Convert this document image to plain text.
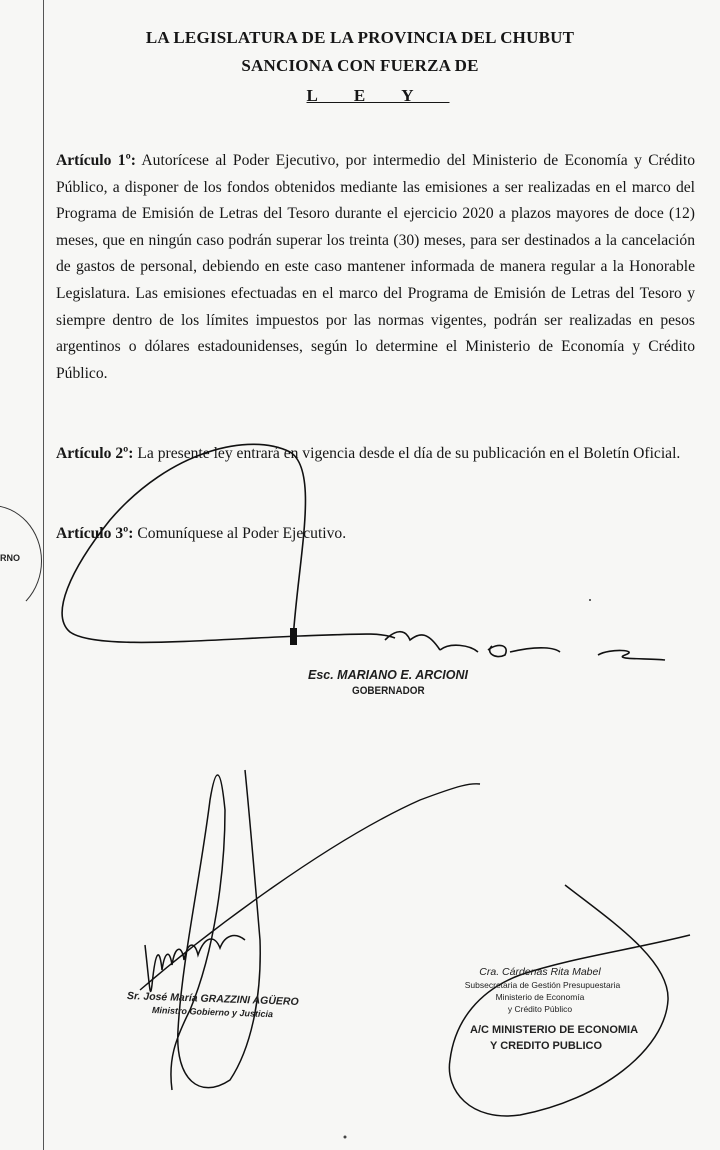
RNO
LA LEGISLATURA DE LA PROVINCIA DEL CHUBUT
SANCIONA CON FUERZA DE
LEY
Artículo 1º: Autorícese al Poder Ejecutivo, por intermedio del Ministerio de Economía y Crédito Público, a disponer de los fondos obtenidos mediante las emisiones a ser realizadas en el marco del Programa de Emisión de Letras del Tesoro durante el ejercicio 2020 a plazos mayores de doce (12) meses, que en ningún caso podrán superar los treinta (30) meses, para ser destinados a la cancelación de gastos de personal, debiendo en este caso mantener informada de manera regular a la Honorable Legislatura. Las emisiones efectuadas en el marco del Programa de Emisión de Letras del Tesoro y siempre dentro de los límites impuestos por las normas vigentes, podrán ser realizadas en pesos argentinos o dólares estadounidenses, según lo determine el Ministerio de Economía y Crédito Público.
Artículo 2º: La presente ley entrará en vigencia desde el día de su publicación en el Boletín Oficial.
Artículo 3º: Comuníquese al Poder Ejecutivo.
Esc. MARIANO E. ARCIONI
GOBERNADOR
Sr. José María GRAZZINI AGÜERO
Ministro Gobierno y Justicia
Cra. Cárdenas Rita Mabel
Subsecretaria de Gestión Presupuestaria
Ministerio de Economía
y Crédito Público
A/C MINISTERIO DE ECONOMIA
Y CREDITO PUBLICO
